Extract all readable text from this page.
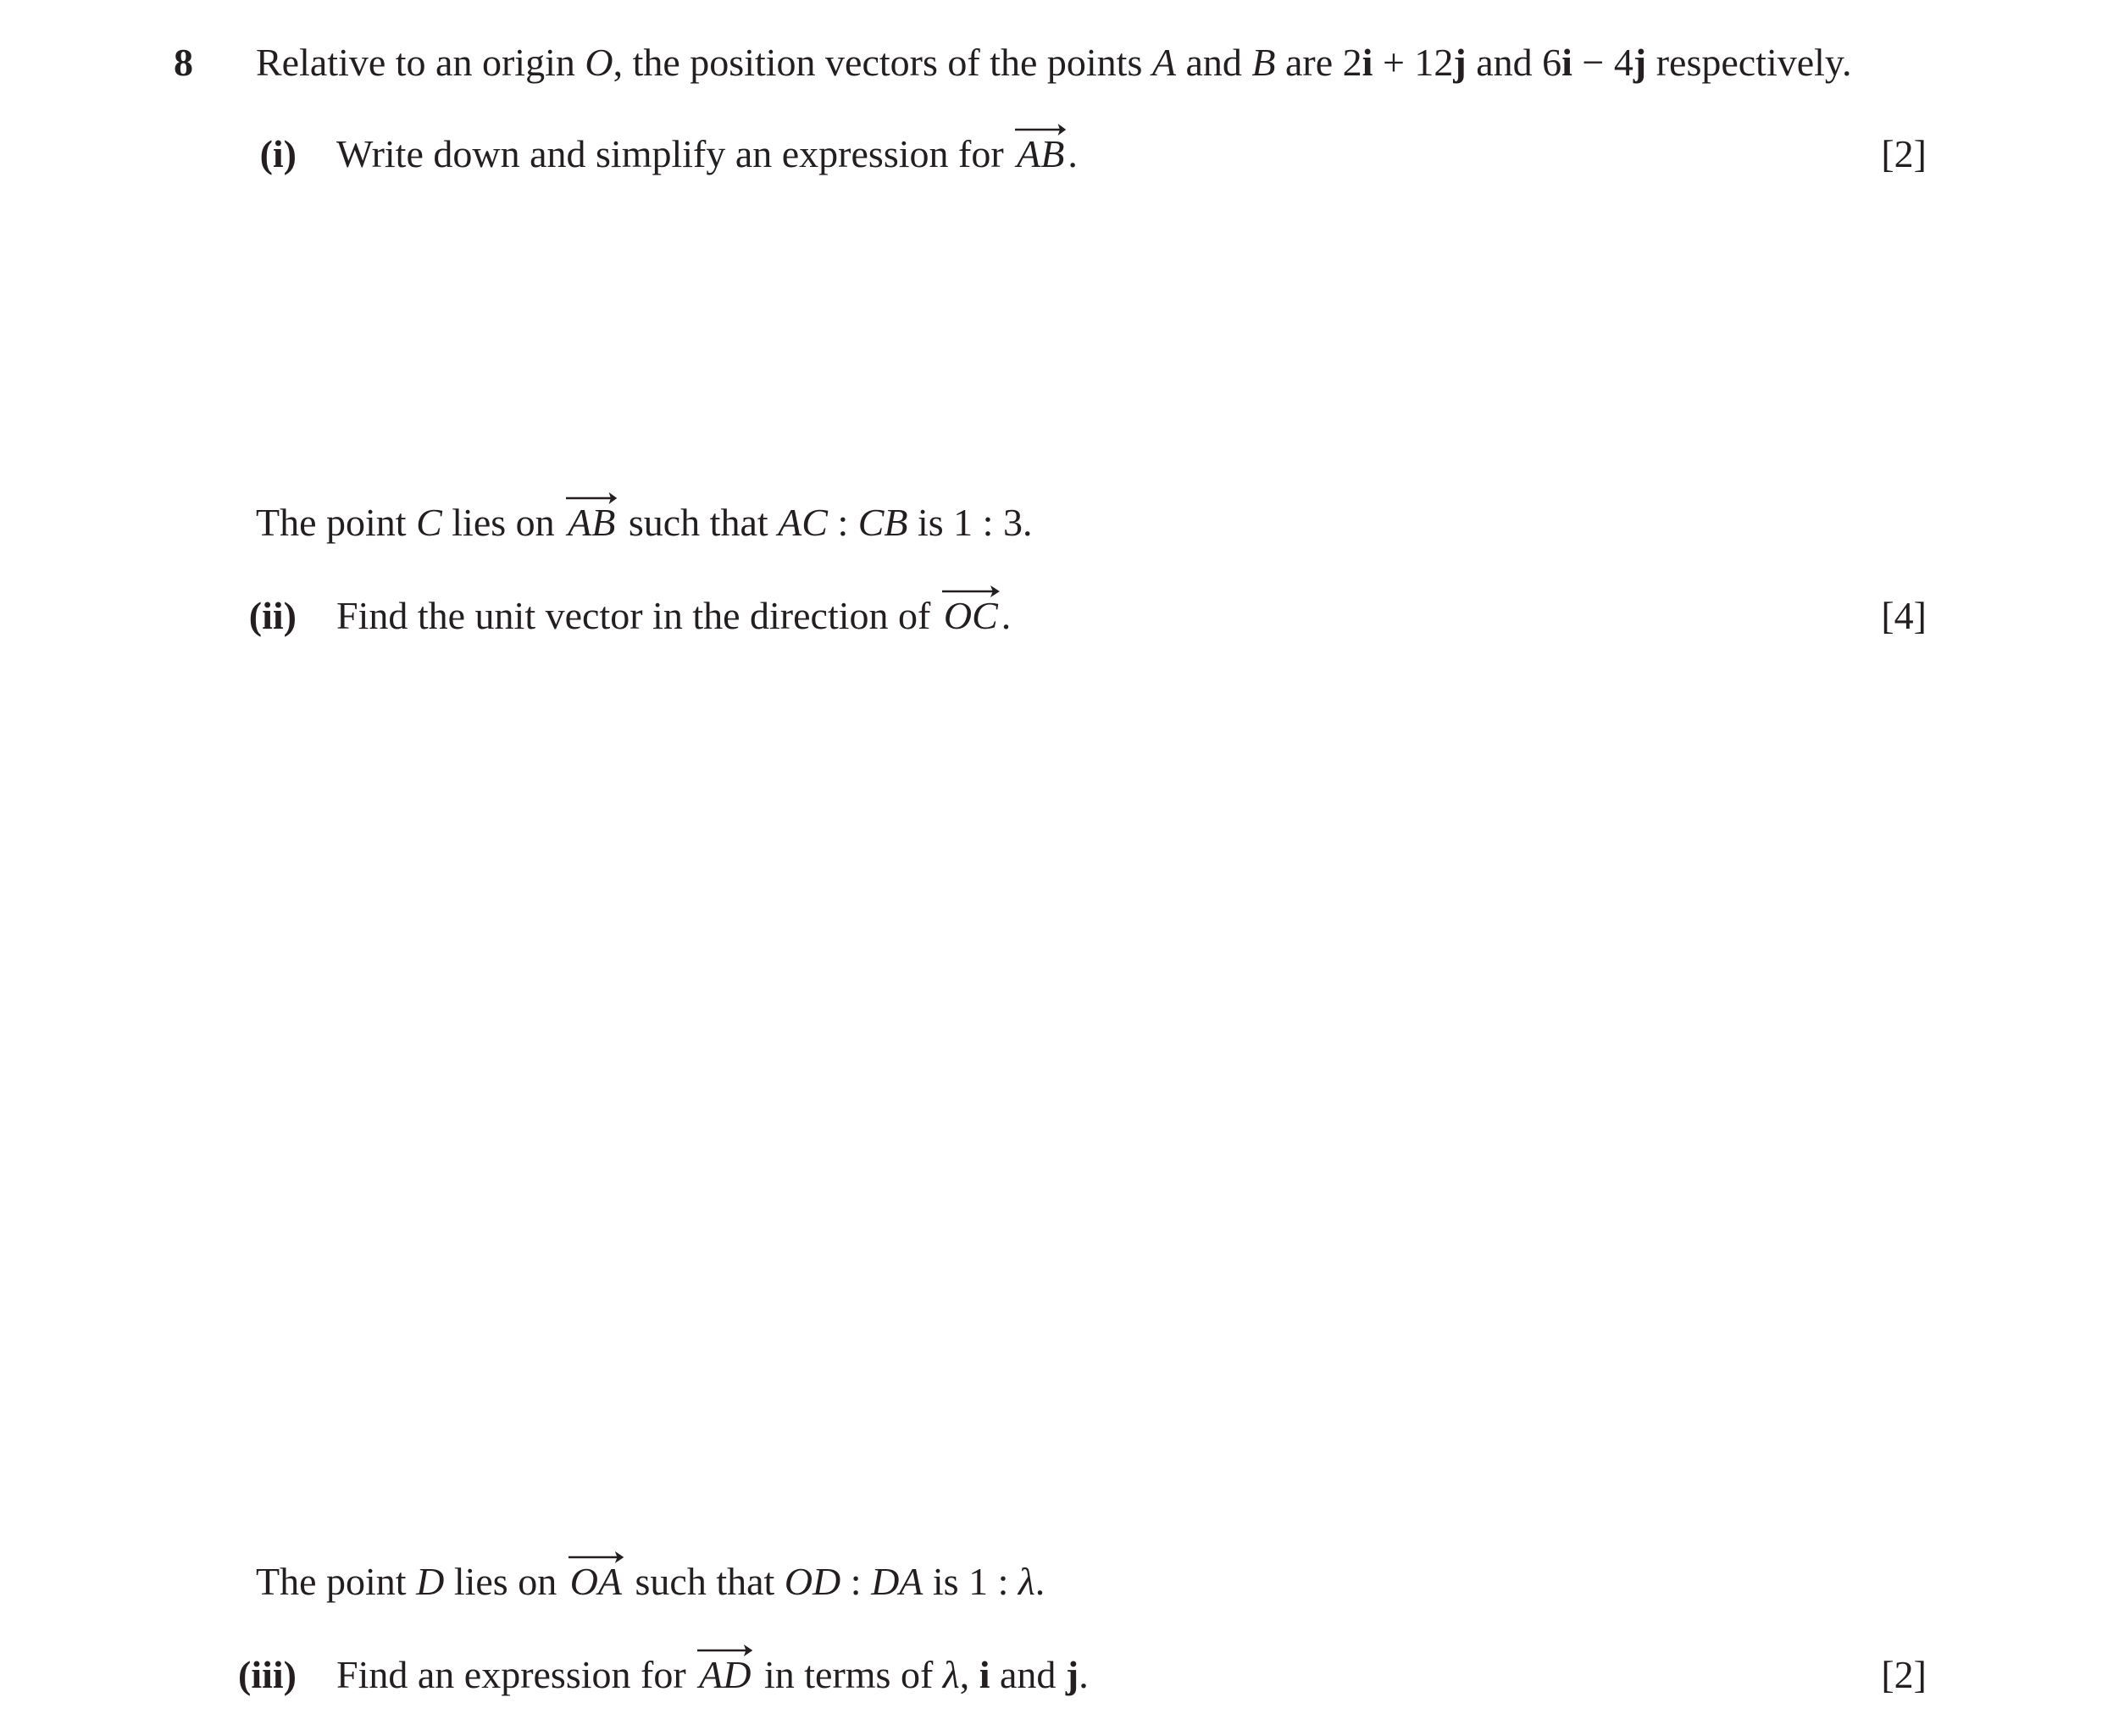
8 Relative to an origin O, the position vectors of the points A and B are 2i + 12j and 6i − 4j respectively.
(i) Write down and simplify an expression for
AB.	[2]
The point C lies on
AB such that AC : CB is 1 : 3.
(ii) Find the unit vector in the direction of
OC.	[4]
The point D lies on
OA such that OD : DA is 1 : λ.
(iii) Find an expression for
AD in terms of λ, i and j.	[2]
